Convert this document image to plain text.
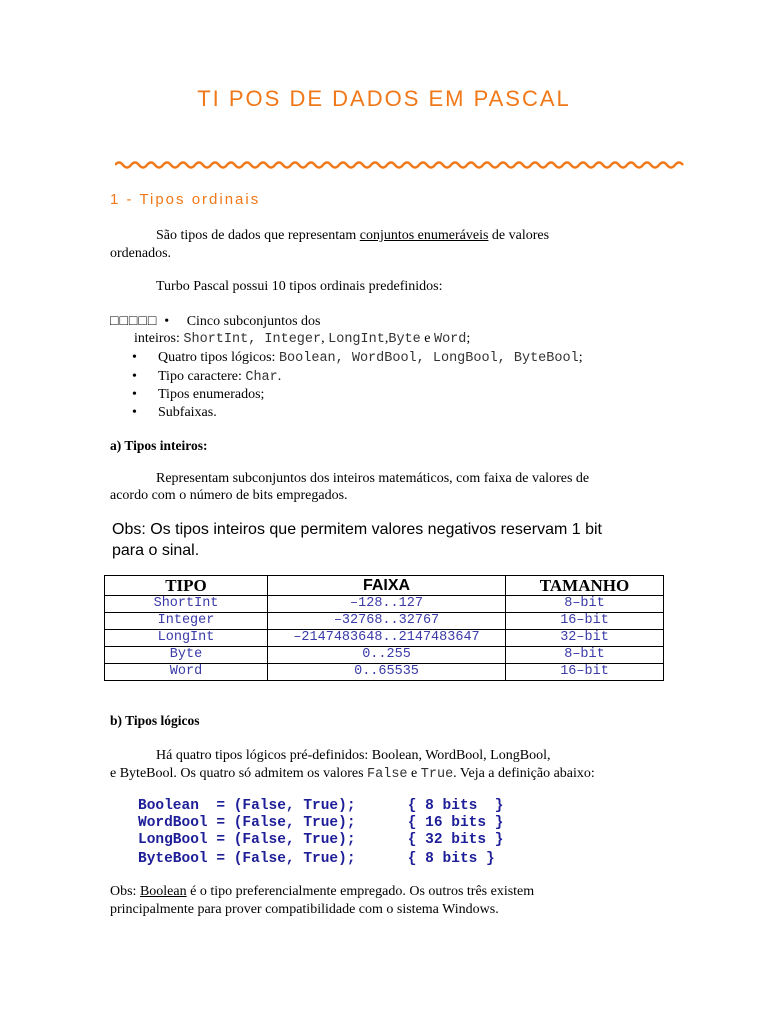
TI POS DE DADOS EM PASCAL
1 - Tipos ordinais

São tipos de dados que representam conjuntos enumeráveis de valores

ordenados.

Turbo Pascal possui 10 tipos ordinais predefinidos:

□□□□□  •     Cinco subconjuntos dos
inteiros: ShortInt, Integer, LongInt,Byte e Word;
• Quatro tipos lógicos: Boolean, WordBool, LongBool, ByteBool;
• Tipo caractere: Char.
• Tipos enumerados;
• Subfaixas.

a) Tipos inteiros:

Representam subconjuntos dos inteiros matemáticos, com faixa de valores de

acordo com o número de bits empregados.

Obs: Os tipos inteiros que permitem valores negativos reservam 1 bit
para o sinal.

TIPO	FAIXA	TAMANHO
ShortInt	–128..127	8–bit
Integer	–32768..32767	16–bit
LongInt	–2147483648..2147483647	32–bit
Byte	0..255	8–bit
Word	0..65535	16–bit

b) Tipos lógicos

Há quatro tipos lógicos pré-definidos: Boolean, WordBool, LongBool,

e ByteBool. Os quatro só admitem os valores False e True. Veja a definição abaixo:

Boolean  = (False, True);      { 8 bits  }
WordBool = (False, True);      { 16 bits }
LongBool = (False, True);      { 32 bits }
ByteBool = (False, True);      { 8 bits }

Obs: Boolean é o tipo preferencialmente empregado. Os outros três existem

principalmente para prover compatibilidade com o sistema Windows.
